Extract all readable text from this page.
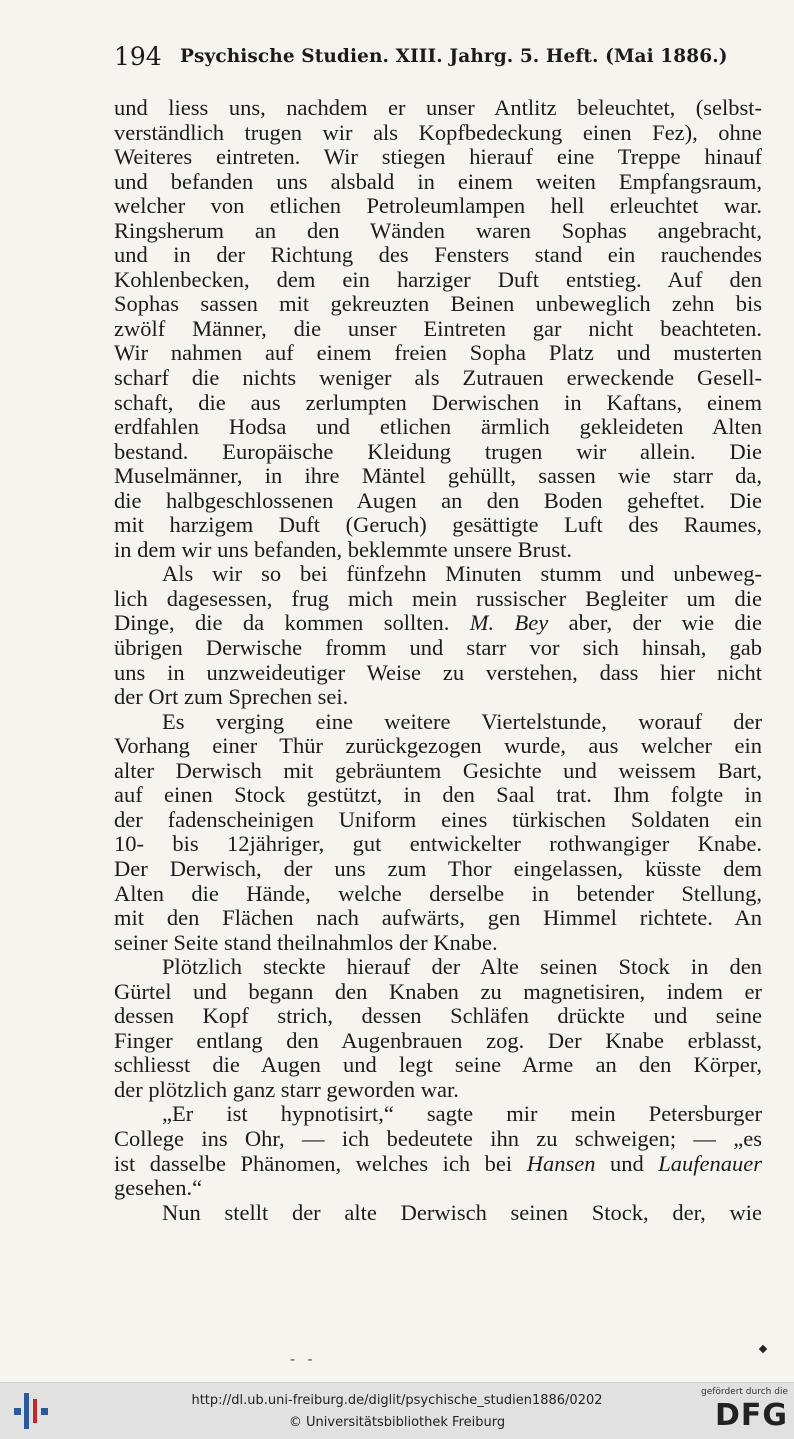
194 Psychische Studien. XIII. Jahrg. 5. Heft. (Mai 1886.)
und liess uns, nachdem er unser Antlitz beleuchtet, (selbst-
verständlich trugen wir als Kopfbedeckung einen Fez), ohne
Weiteres eintreten. Wir stiegen hierauf eine Treppe hinauf
und befanden uns alsbald in einem weiten Empfangsraum,
welcher von etlichen Petroleumlampen hell erleuchtet war.
Ringsherum an den Wänden waren Sophas angebracht,
und in der Richtung des Fensters stand ein rauchendes
Kohlenbecken, dem ein harziger Duft entstieg. Auf den
Sophas sassen mit gekreuzten Beinen unbeweglich zehn bis
zwölf Männer, die unser Eintreten gar nicht beachteten.
Wir nahmen auf einem freien Sopha Platz und musterten
scharf die nichts weniger als Zutrauen erweckende Gesell-
schaft, die aus zerlumpten Derwischen in Kaftans, einem
erdfahlen Hodsa und etlichen ärmlich gekleideten Alten
bestand. Europäische Kleidung trugen wir allein. Die
Muselmänner, in ihre Mäntel gehüllt, sassen wie starr da,
die halbgeschlossenen Augen an den Boden geheftet. Die
mit harzigem Duft (Geruch) gesättigte Luft des Raumes,
in dem wir uns befanden, beklemmte unsere Brust.
Als wir so bei fünfzehn Minuten stumm und unbeweg-
lich dagesessen, frug mich mein russischer Begleiter um die
Dinge, die da kommen sollten. M. Bey aber, der wie die
übrigen Derwische fromm und starr vor sich hinsah, gab
uns in unzweideutiger Weise zu verstehen, dass hier nicht
der Ort zum Sprechen sei.
Es verging eine weitere Viertelstunde, worauf der
Vorhang einer Thür zurückgezogen wurde, aus welcher ein
alter Derwisch mit gebräuntem Gesichte und weissem Bart,
auf einen Stock gestützt, in den Saal trat. Ihm folgte in
der fadenscheinigen Uniform eines türkischen Soldaten ein
10- bis 12jähriger, gut entwickelter rothwangiger Knabe.
Der Derwisch, der uns zum Thor eingelassen, küsste dem
Alten die Hände, welche derselbe in betender Stellung,
mit den Flächen nach aufwärts, gen Himmel richtete. An
seiner Seite stand theilnahmlos der Knabe.
Plötzlich steckte hierauf der Alte seinen Stock in den
Gürtel und begann den Knaben zu magnetisiren, indem er
dessen Kopf strich, dessen Schläfen drückte und seine
Finger entlang den Augenbrauen zog. Der Knabe erblasst,
schliesst die Augen und legt seine Arme an den Körper,
der plötzlich ganz starr geworden war.
„Er ist hypnotisirt,“ sagte mir mein Petersburger
College ins Ohr, — ich bedeutete ihn zu schweigen; — „es
ist dasselbe Phänomen, welches ich bei Hansen und Laufenauer
gesehen.“
Nun stellt der alte Derwisch seinen Stock, der, wie
- -
http://dl.ub.uni-freiburg.de/diglit/psychische_studien1886/0202
© Universitätsbibliothek Freiburg
gefördert durch die
DFG
